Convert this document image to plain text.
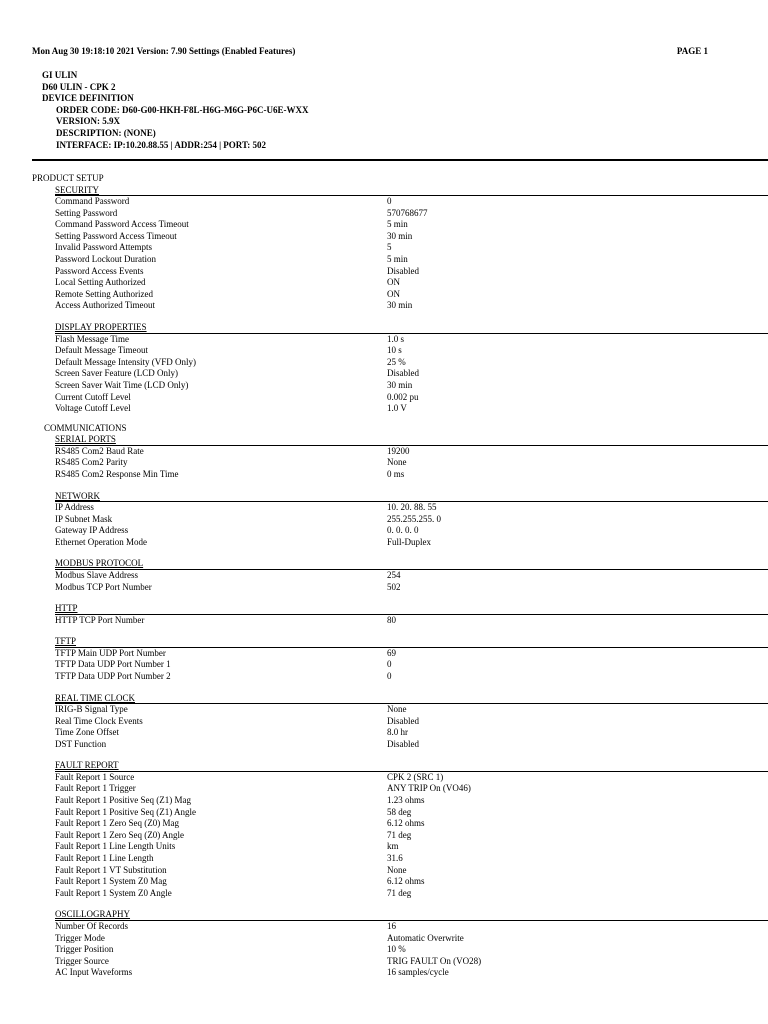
Mon Aug 30 19:18:10 2021 Version: 7.90 Settings (Enabled Features)	PAGE 1
GI ULIN
D60 ULIN - CPK 2
DEVICE DEFINITION
ORDER CODE: D60-G00-HKH-F8L-H6G-M6G-P6C-U6E-WXX
VERSION: 5.9X
DESCRIPTION: (NONE)
INTERFACE: IP:10.20.88.55 | ADDR:254 | PORT: 502
PRODUCT SETUP
SECURITY
Command Password	0
Setting Password	570768677
Command Password Access Timeout	5 min
Setting Password Access Timeout	30 min
Invalid Password Attempts	5
Password Lockout Duration	5 min
Password Access Events	Disabled
Local Setting Authorized	ON
Remote Setting Authorized	ON
Access Authorized Timeout	30 min
DISPLAY PROPERTIES
Flash Message Time	1.0 s
Default Message Timeout	10 s
Default Message Intensity (VFD Only)	25 %
Screen Saver Feature (LCD Only)	Disabled
Screen Saver Wait Time (LCD Only)	30 min
Current Cutoff Level	0.002 pu
Voltage Cutoff Level	1.0 V
COMMUNICATIONS
SERIAL PORTS
RS485 Com2 Baud Rate	19200
RS485 Com2 Parity	None
RS485 Com2 Response Min Time	0 ms
NETWORK
IP Address	10. 20. 88. 55
IP Subnet Mask	255.255.255. 0
Gateway IP Address	0. 0. 0. 0
Ethernet Operation Mode	Full-Duplex
MODBUS PROTOCOL
Modbus Slave Address	254
Modbus TCP Port Number	502
HTTP
HTTP TCP Port Number	80
TFTP
TFTP Main UDP Port Number	69
TFTP Data UDP Port Number 1	0
TFTP Data UDP Port Number 2	0
REAL TIME CLOCK
IRIG-B Signal Type	None
Real Time Clock Events	Disabled
Time Zone Offset	8.0 hr
DST Function	Disabled
FAULT REPORT
Fault Report 1 Source	CPK 2 (SRC 1)
Fault Report 1 Trigger	ANY TRIP On (VO46)
Fault Report 1 Positive Seq (Z1) Mag	1.23 ohms
Fault Report 1 Positive Seq (Z1) Angle	58 deg
Fault Report 1 Zero Seq (Z0) Mag	6.12 ohms
Fault Report 1 Zero Seq (Z0) Angle	71 deg
Fault Report 1 Line Length Units	km
Fault Report 1 Line Length	31.6
Fault Report 1 VT Substitution	None
Fault Report 1 System Z0 Mag	6.12 ohms
Fault Report 1 System Z0 Angle	71 deg
OSCILLOGRAPHY
Number Of Records	16
Trigger Mode	Automatic Overwrite
Trigger Position	10 %
Trigger Source	TRIG FAULT On (VO28)
AC Input Waveforms	16 samples/cycle
